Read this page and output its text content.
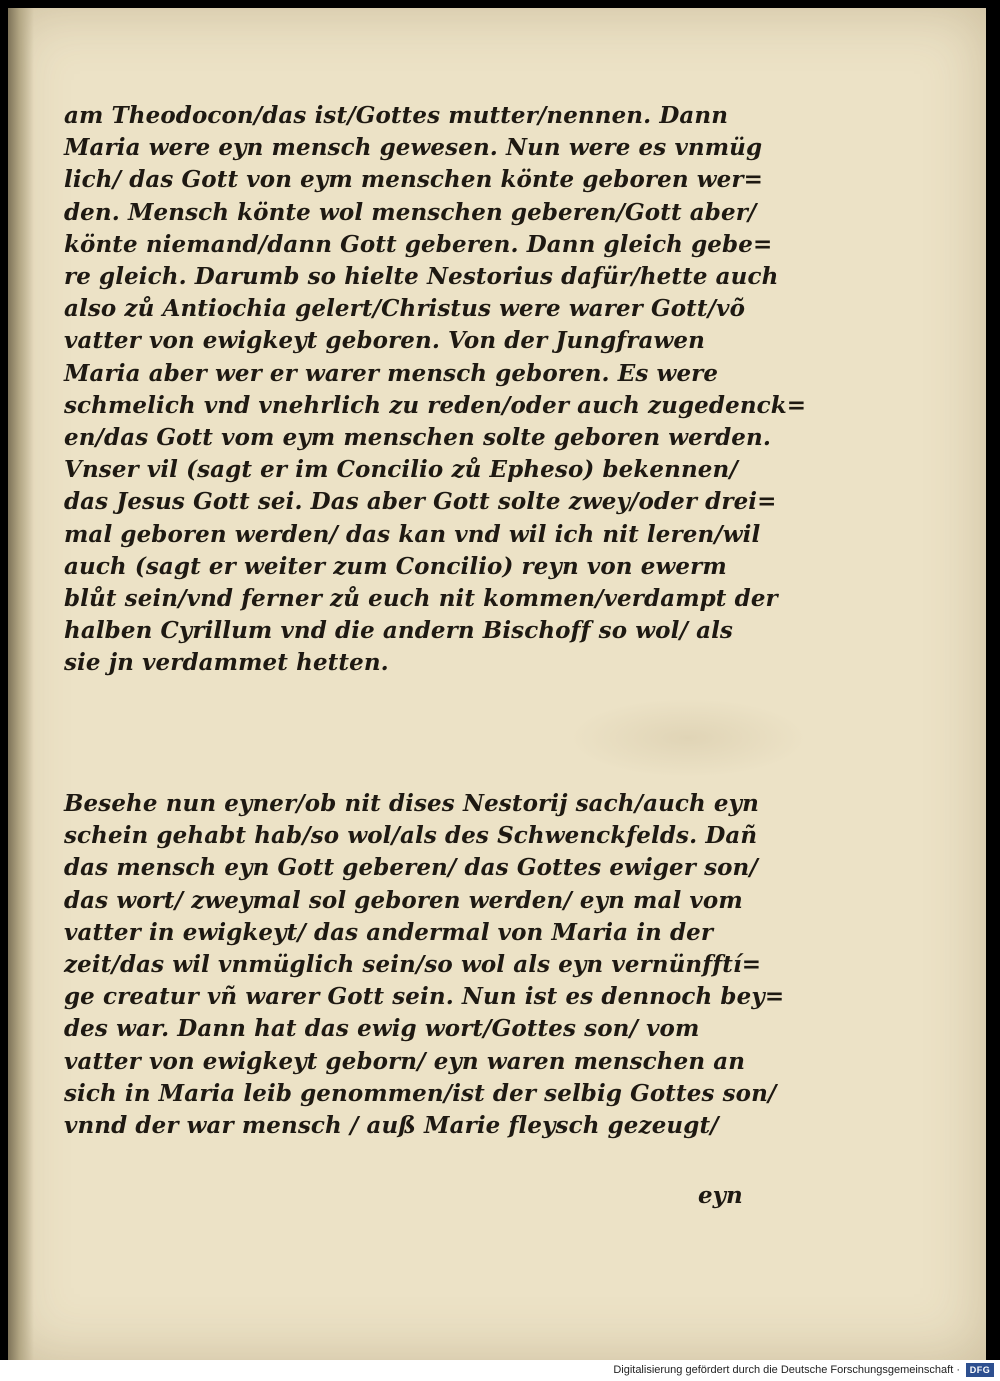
am Theodocon/das ist/Gottes mutter/nennen. Dann
Maria were eyn mensch gewesen. Nun were es vnmüg
lich/ das Gott von eym menschen könte geboren wer=
den. Mensch könte wol menschen geberen/Gott aber/
könte niemand/dann Gott geberen. Dann gleich gebe=
re gleich. Darumb so hielte Nestorius dafür/hette auch
also zů Antiochia gelert/Christus were warer Gott/võ
vatter von ewigkeyt geboren. Von der Jungfrawen
Maria aber wer er warer mensch geboren. Es were
schmelich vnd vnehrlich zu reden/oder auch zugedenck=
en/das Gott vom eym menschen solte geboren werden.
Vnser vil (sagt er im Concilio zů Epheso) bekennen/
das Jesus Gott sei. Das aber Gott solte zwey/oder drei=
mal geboren werden/ das kan vnd wil ich nit leren/wil
auch (sagt er weiter zum Concilio) reyn von ewerm
blůt sein/vnd ferner zů euch nit kommen/verdampt der
halben Cyrillum vnd die andern Bischoff so wol/ als
sie jn verdammet hetten.
Besehe nun eyner/ob nit dises Nestorij sach/auch eyn
schein gehabt hab/so wol/als des Schwenckfelds. Dañ
das mensch eyn Gott geberen/ das Gottes ewiger son/
das wort/ zweymal sol geboren werden/ eyn mal vom
vatter in ewigkeyt/ das andermal von Maria in der
zeit/das wil vnmüglich sein/so wol als eyn vernünfftí=
ge creatur vñ warer Gott sein. Nun ist es dennoch bey=
des war. Dann hat das ewig wort/Gottes son/ vom
vatter von ewigkeyt geborn/ eyn waren menschen an
sich in Maria leib genommen/ist der selbig Gottes son/
vnnd der war mensch / auß Marie fleysch gezeugt/

eyn

Digitalisierung gefördert durch die Deutsche Forschungsgemeinschaft ·	DFG
